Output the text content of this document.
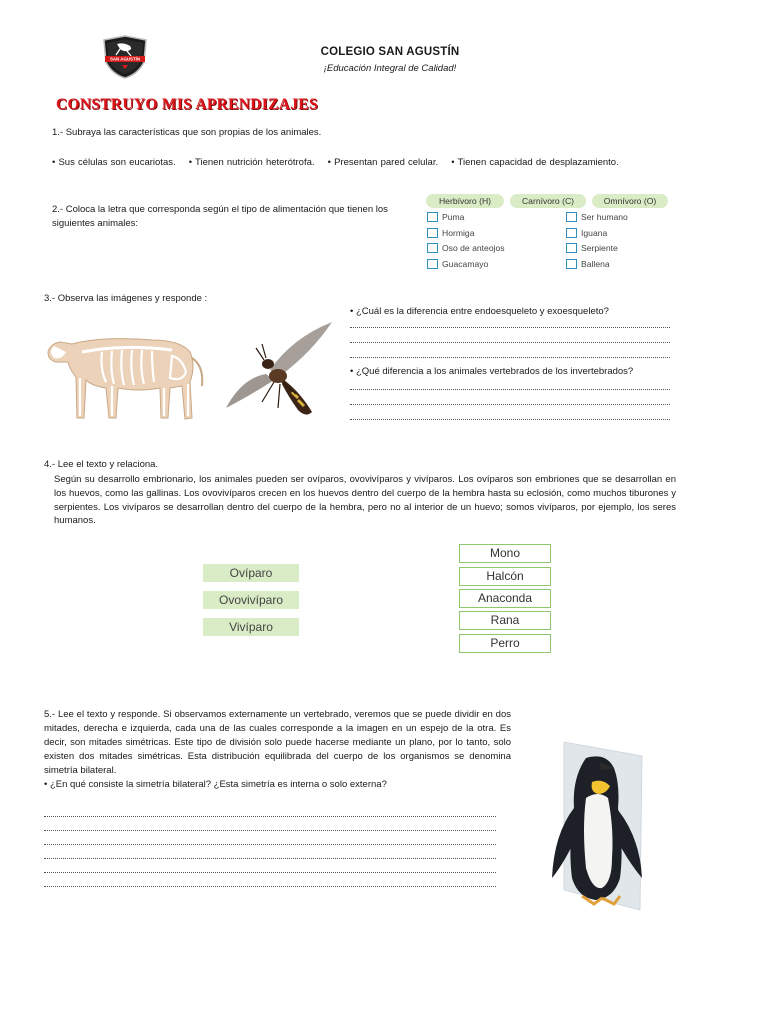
SAN AGUSTÍN
COLEGIO SAN AGUSTÍN
¡Educación Integral de Calidad!
CONSTRUYO MIS APRENDIZAJES
1.- Subraya las características que son propias de los animales.
• Sus células son eucariotas. • Tienen nutrición heterótrofa. • Presentan pared celular. • Tienen capacidad de desplazamiento.
2.- Coloca la letra que corresponda según el tipo de alimentación que tienen los siguientes animales:
Herbívoro (H)	Carnívoro (C)	Omnívoro (O)
Puma
Hormiga
Oso de anteojos
Guacamayo
Ser humano
Iguana
Serpiente
Ballena
3.- Observa las imágenes y responde :
• ¿Cuál es la diferencia entre endoesqueleto y exoesqueleto?
• ¿Qué diferencia a los animales vertebrados de los invertebrados?
4.- Lee el texto y relaciona.
Según su desarrollo embrionario, los animales pueden ser ovíparos, ovovivíparos y vivíparos. Los ovíparos son embriones que se desarrollan en los huevos, como las gallinas. Los ovovivíparos crecen en los huevos dentro del cuerpo de la hembra hasta su eclosión, como muchos tiburones y serpientes. Los vivíparos se desarrollan dentro del cuerpo de la hembra, pero no al interior de un huevo; somos vivíparos, por ejemplo, los seres humanos.
Ovíparo
Ovovivíparo
Vivíparo
Mono
Halcón
Anaconda
Rana
Perro
5.- Lee el texto y responde. Si observamos externamente un vertebrado, veremos que se puede dividir en dos mitades, derecha e izquierda, cada una de las cuales corresponde a la imagen en un espejo de la otra. Es decir, son mitades simétricas. Este tipo de división solo puede hacerse mediante un plano, por lo tanto, solo existen dos mitades simétricas. Esta distribución equilibrada del cuerpo de los organismos se denomina simetría bilateral.
• ¿En qué consiste la simetría bilateral? ¿Esta simetría es interna o solo externa?
